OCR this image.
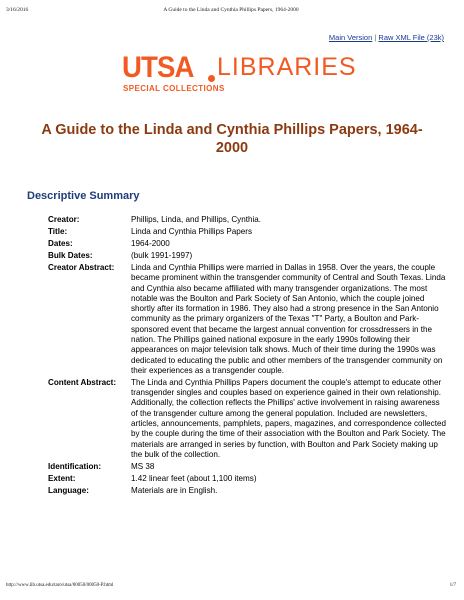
3/16/2016	A Guide to the Linda and Cynthia Phillips Papers, 1964-2000
Main Version | Raw XML File (23k)
UTSA LIBRARIES
SPECIAL COLLECTIONS
A Guide to the Linda and Cynthia Phillips Papers, 1964-2000
Descriptive Summary
Creator:	Phillips, Linda, and Phillips, Cynthia.
Title:	Linda and Cynthia Phillips Papers
Dates:	1964-2000
Bulk Dates:	(bulk 1991-1997)
Creator Abstract:	Linda and Cynthia Phillips were married in Dallas in 1958. Over the years, the couple became prominent within the transgender community of Central and South Texas. Linda and Cynthia also became affiliated with many transgender organizations. The most notable was the Boulton and Park Society of San Antonio, which the couple joined shortly after its formation in 1986. They also had a strong presence in the San Antonio community as the primary organizers of the Texas "T" Party, a Boulton and Park-sponsored event that became the largest annual convention for crossdressers in the nation. The Phillips gained national exposure in the early 1990s following their appearances on major television talk shows. Much of their time during the 1990s was dedicated to educating the public and other members of the transgender community on their experiences as a transgender couple.
Content Abstract:	The Linda and Cynthia Phillips Papers document the couple's attempt to educate other transgender singles and couples based on experience gained in their own relationship. Additionally, the collection reflects the Phillips' active involvement in raising awareness of the transgender culture among the general population. Included are newsletters, articles, announcements, pamphlets, papers, magazines, and correspondence collected by the couple during the time of their association with the Boulton and Park Society. The materials are arranged in series by function, with Boulton and Park Society making up the bulk of the collection.
Identification:	MS 38
Extent:	1.42 linear feet (about 1,100 items)
Language:	Materials are in English.
http://www.lib.utsa.edu/taro/utsa/00050/00050-P.html	1/7
